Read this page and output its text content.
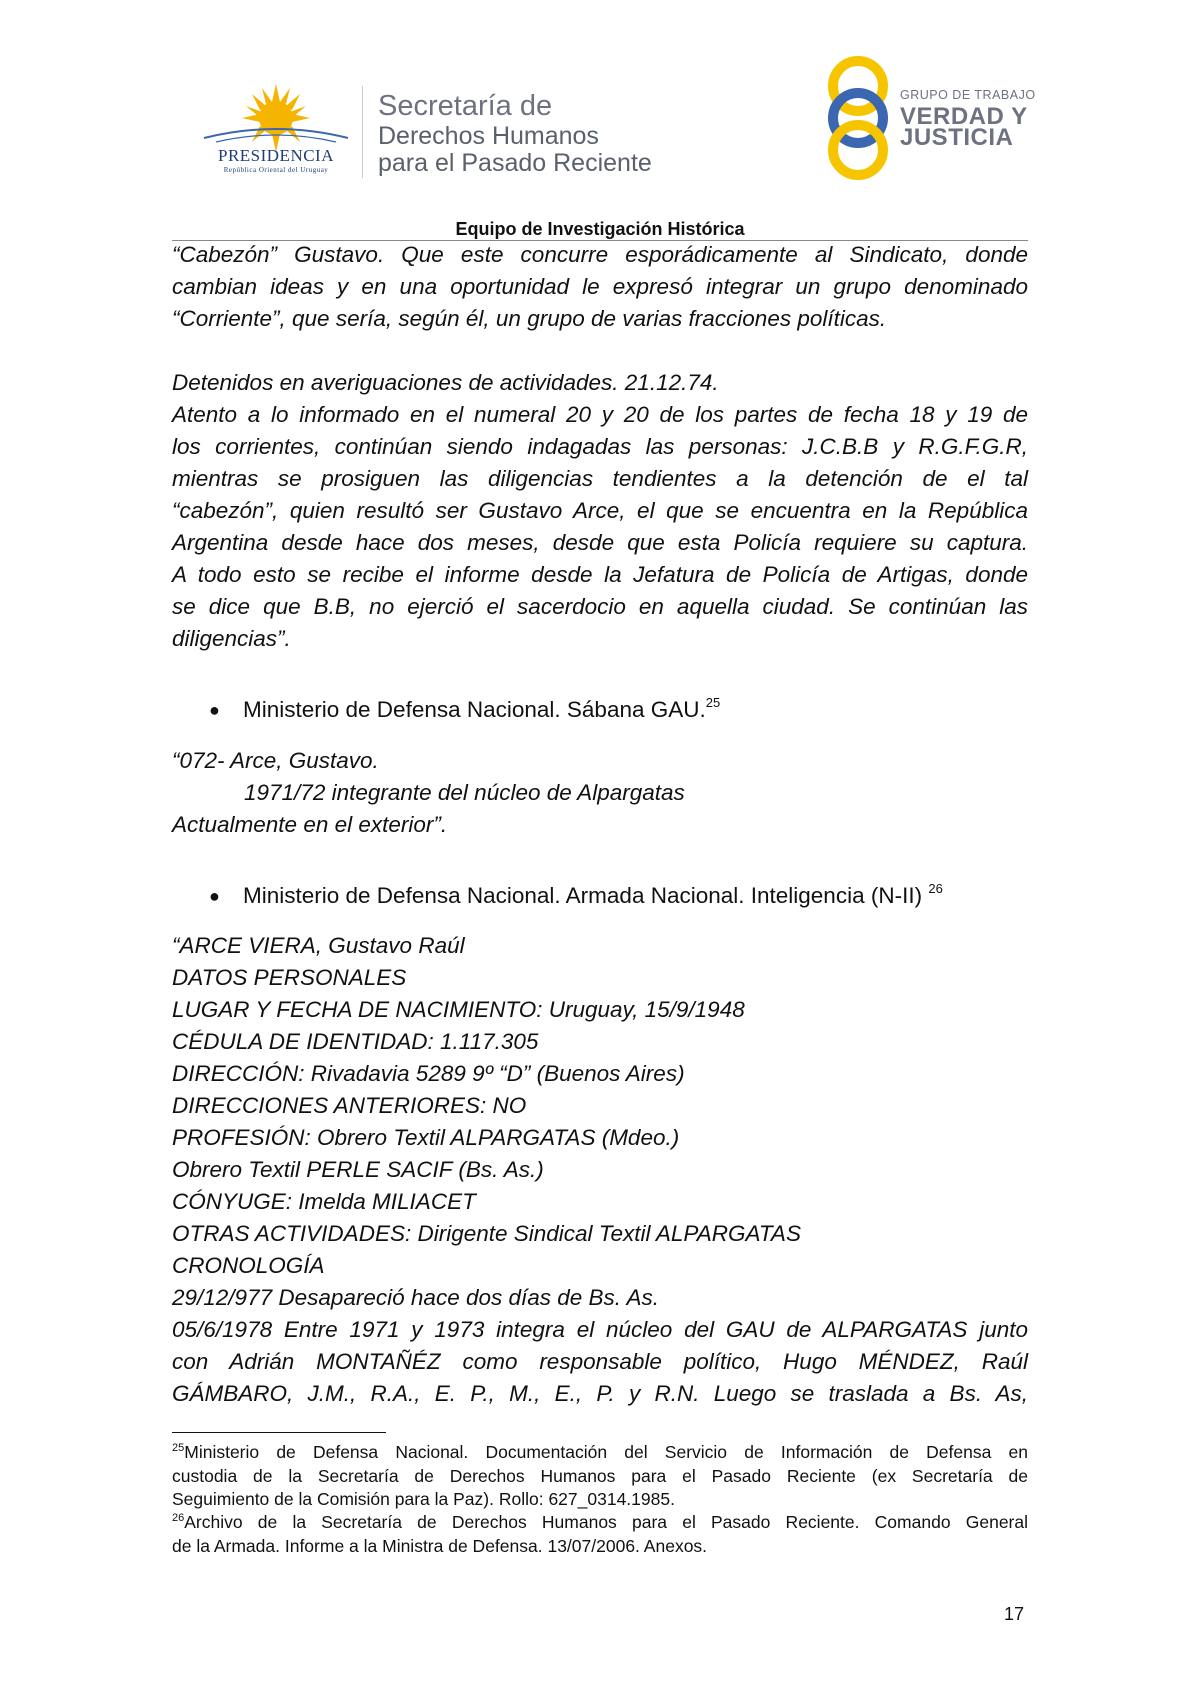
PRESIDENCIA
República Oriental del Uruguay
Secretaría de
Derechos Humanos
para el Pasado Reciente
GRUPO DE TRABAJO
VERDAD Y
JUSTICIA
Equipo de Investigación Histórica
“Cabezón” Gustavo. Que este concurre esporádicamente al Sindicato, donde
cambian ideas y en una oportunidad le expresó integrar un grupo denominado
“Corriente”, que sería, según él, un grupo de varias fracciones políticas.
Detenidos en averiguaciones de actividades. 21.12.74.
Atento a lo informado en el numeral 20 y 20 de los partes de fecha 18 y 19 de
los corrientes, continúan siendo indagadas las personas: J.C.B.B y R.G.F.G.R,
mientras se prosiguen las diligencias tendientes a la detención de el tal
“cabezón”, quien resultó ser Gustavo Arce, el que se encuentra en la República
Argentina desde hace dos meses, desde que esta Policía requiere su captura.
A todo esto se recibe el informe desde la Jefatura de Policía de Artigas, donde
se dice que B.B, no ejerció el sacerdocio en aquella ciudad. Se continúan las
diligencias”.
● Ministerio de Defensa Nacional. Sábana GAU.$^{25}$
“072- Arce, Gustavo.
1971/72 integrante del núcleo de Alpargatas
Actualmente en el exterior”.
● Ministerio de Defensa Nacional. Armada Nacional. Inteligencia (N-II) $^{26}$
“ARCE VIERA, Gustavo Raúl
DATOS PERSONALES
LUGAR Y FECHA DE NACIMIENTO: Uruguay, 15/9/1948
CÉDULA DE IDENTIDAD: 1.117.305
DIRECCIÓN: Rivadavia 5289 9º “D” (Buenos Aires)
DIRECCIONES ANTERIORES: NO
PROFESIÓN: Obrero Textil ALPARGATAS (Mdeo.)
Obrero Textil PERLE SACIF (Bs. As.)
CÓNYUGE: Imelda MILIACET
OTRAS ACTIVIDADES: Dirigente Sindical Textil ALPARGATAS
CRONOLOGÍA
29/12/977 Desapareció hace dos días de Bs. As.
05/6/1978 Entre 1971 y 1973 integra el núcleo del GAU de ALPARGATAS junto
con Adrián MONTAÑÉZ como responsable político, Hugo MÉNDEZ, Raúl
GÁMBARO, J.M., R.A., E. P., M., E., P. y R.N. Luego se traslada a Bs. As,
$^{25}$Ministerio de Defensa Nacional. Documentación del Servicio de Información de Defensa en
custodia de la Secretaría de Derechos Humanos para el Pasado Reciente (ex Secretaría de
Seguimiento de la Comisión para la Paz). Rollo: 627_0314.1985.
$^{26}$Archivo de la Secretaría de Derechos Humanos para el Pasado Reciente. Comando General
de la Armada. Informe a la Ministra de Defensa. 13/07/2006. Anexos.
17
